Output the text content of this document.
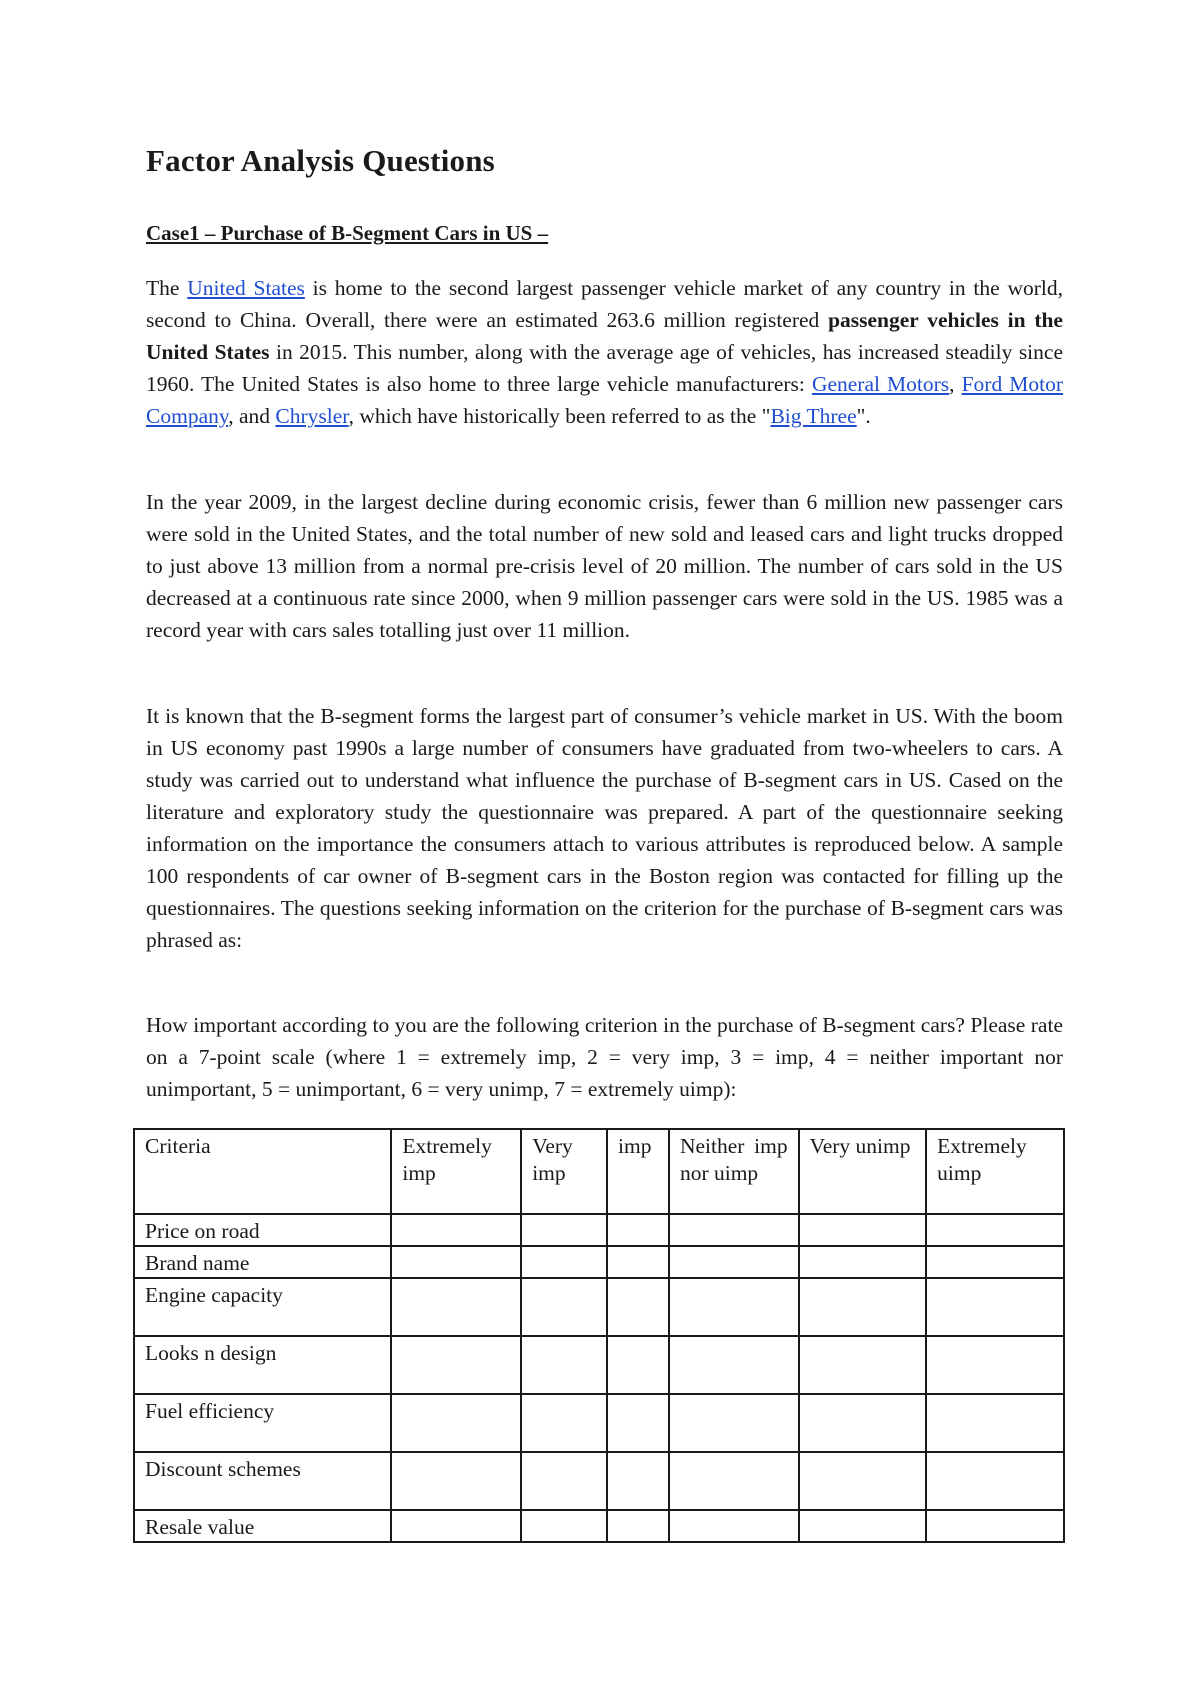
Factor Analysis Questions
Case1 – Purchase of B-Segment Cars in US –

The United States is home to the second largest passenger vehicle market of any country in the world, second to China. Overall, there were an estimated 263.6 million registered passenger vehicles in the United States in 2015. This number, along with the average age of vehicles, has increased steadily since 1960. The United States is also home to three large vehicle manufacturers: General Motors, Ford Motor Company, and Chrysler, which have historically been referred to as the "Big Three".

In the year 2009, in the largest decline during economic crisis, fewer than 6 million new passenger cars were sold in the United States, and the total number of new sold and leased cars and light trucks dropped to just above 13 million from a normal pre-crisis level of 20 million. The number of cars sold in the US decreased at a continuous rate since 2000, when 9 million passenger cars were sold in the US. 1985 was a record year with cars sales totalling just over 11 million.

It is known that the B-segment forms the largest part of consumer’s vehicle market in US. With the boom in US economy past 1990s a large number of consumers have graduated from two-wheelers to cars. A study was carried out to understand what influence the purchase of B-segment cars in US. Cased on the literature and exploratory study the questionnaire was prepared. A part of the questionnaire seeking information on the importance the consumers attach to various attributes is reproduced below. A sample 100 respondents of car owner of B-segment cars in the Boston region was contacted for filling up the questionnaires. The questions seeking information on the criterion for the purchase of B-segment cars was phrased as:

How important according to you are the following criterion in the purchase of B-segment cars? Please rate on a 7-point scale (where 1 = extremely imp, 2 = very imp, 3 = imp, 4 = neither important nor unimportant, 5 = unimportant, 6 = very unimp, 7 = extremely uimp):

Criteria	Extremely imp	Very imp	imp	Neither imp nor uimp	Very unimp	Extremely uimp
Price on road						
Brand name						
Engine capacity						
Looks n design						
Fuel efficiency						
Discount schemes						
Resale value						
